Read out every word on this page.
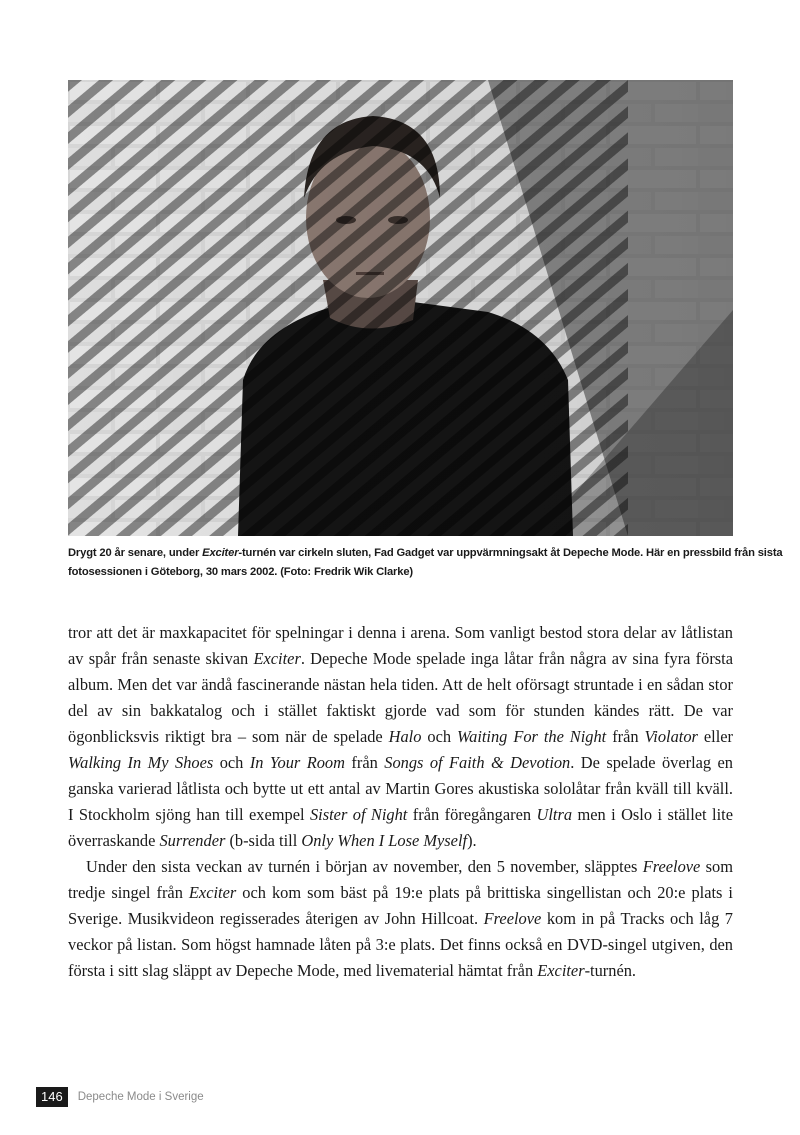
Drygt 20 år senare, under Exciter-turnén var cirkeln sluten, Fad Gadget var uppvärmningsakt åt Depeche Mode. Här en pressbild från sista
fotosessionen i Göteborg, 30 mars 2002. (Foto: Fredrik Wik Clarke)

tror att det är maxkapacitet för spelningar i denna i arena. Som vanligt bestod stora delar av låtlistan av spår från senaste skivan Exciter. Depeche Mode spelade inga låtar från några av sina fyra första album. Men det var ändå fascinerande nästan hela tiden. Att de helt oförsagt struntade i en sådan stor del av sin bakkatalog och i stället faktiskt gjorde vad som för stunden kändes rätt. De var ögonblicksvis riktigt bra – som när de spelade Halo och Waiting For the Night från Violator eller Walking In My Shoes och In Your Room från Songs of Faith & Devotion. De spelade överlag en ganska varierad låtlista och bytte ut ett antal av Martin Gores akustiska sololåtar från kväll till kväll. I Stockholm sjöng han till exempel Sister of Night från föregångaren Ultra men i Oslo i stället lite överraskande Surrender (b-sida till Only When I Lose Myself).

Under den sista veckan av turnén i början av november, den 5 november, släpptes Freelove som tredje singel från Exciter och kom som bäst på 19:e plats på brittiska singellistan och 20:e plats i Sverige. Musikvideon regisserades återigen av John Hillcoat. Freelove kom in på Tracks och låg 7 veckor på listan. Som högst hamnade låten på 3:e plats. Det finns också en DVD-singel utgiven, den första i sitt slag släppt av Depeche Mode, med livematerial hämtat från Exciter-turnén.

146	Depeche Mode i Sverige
